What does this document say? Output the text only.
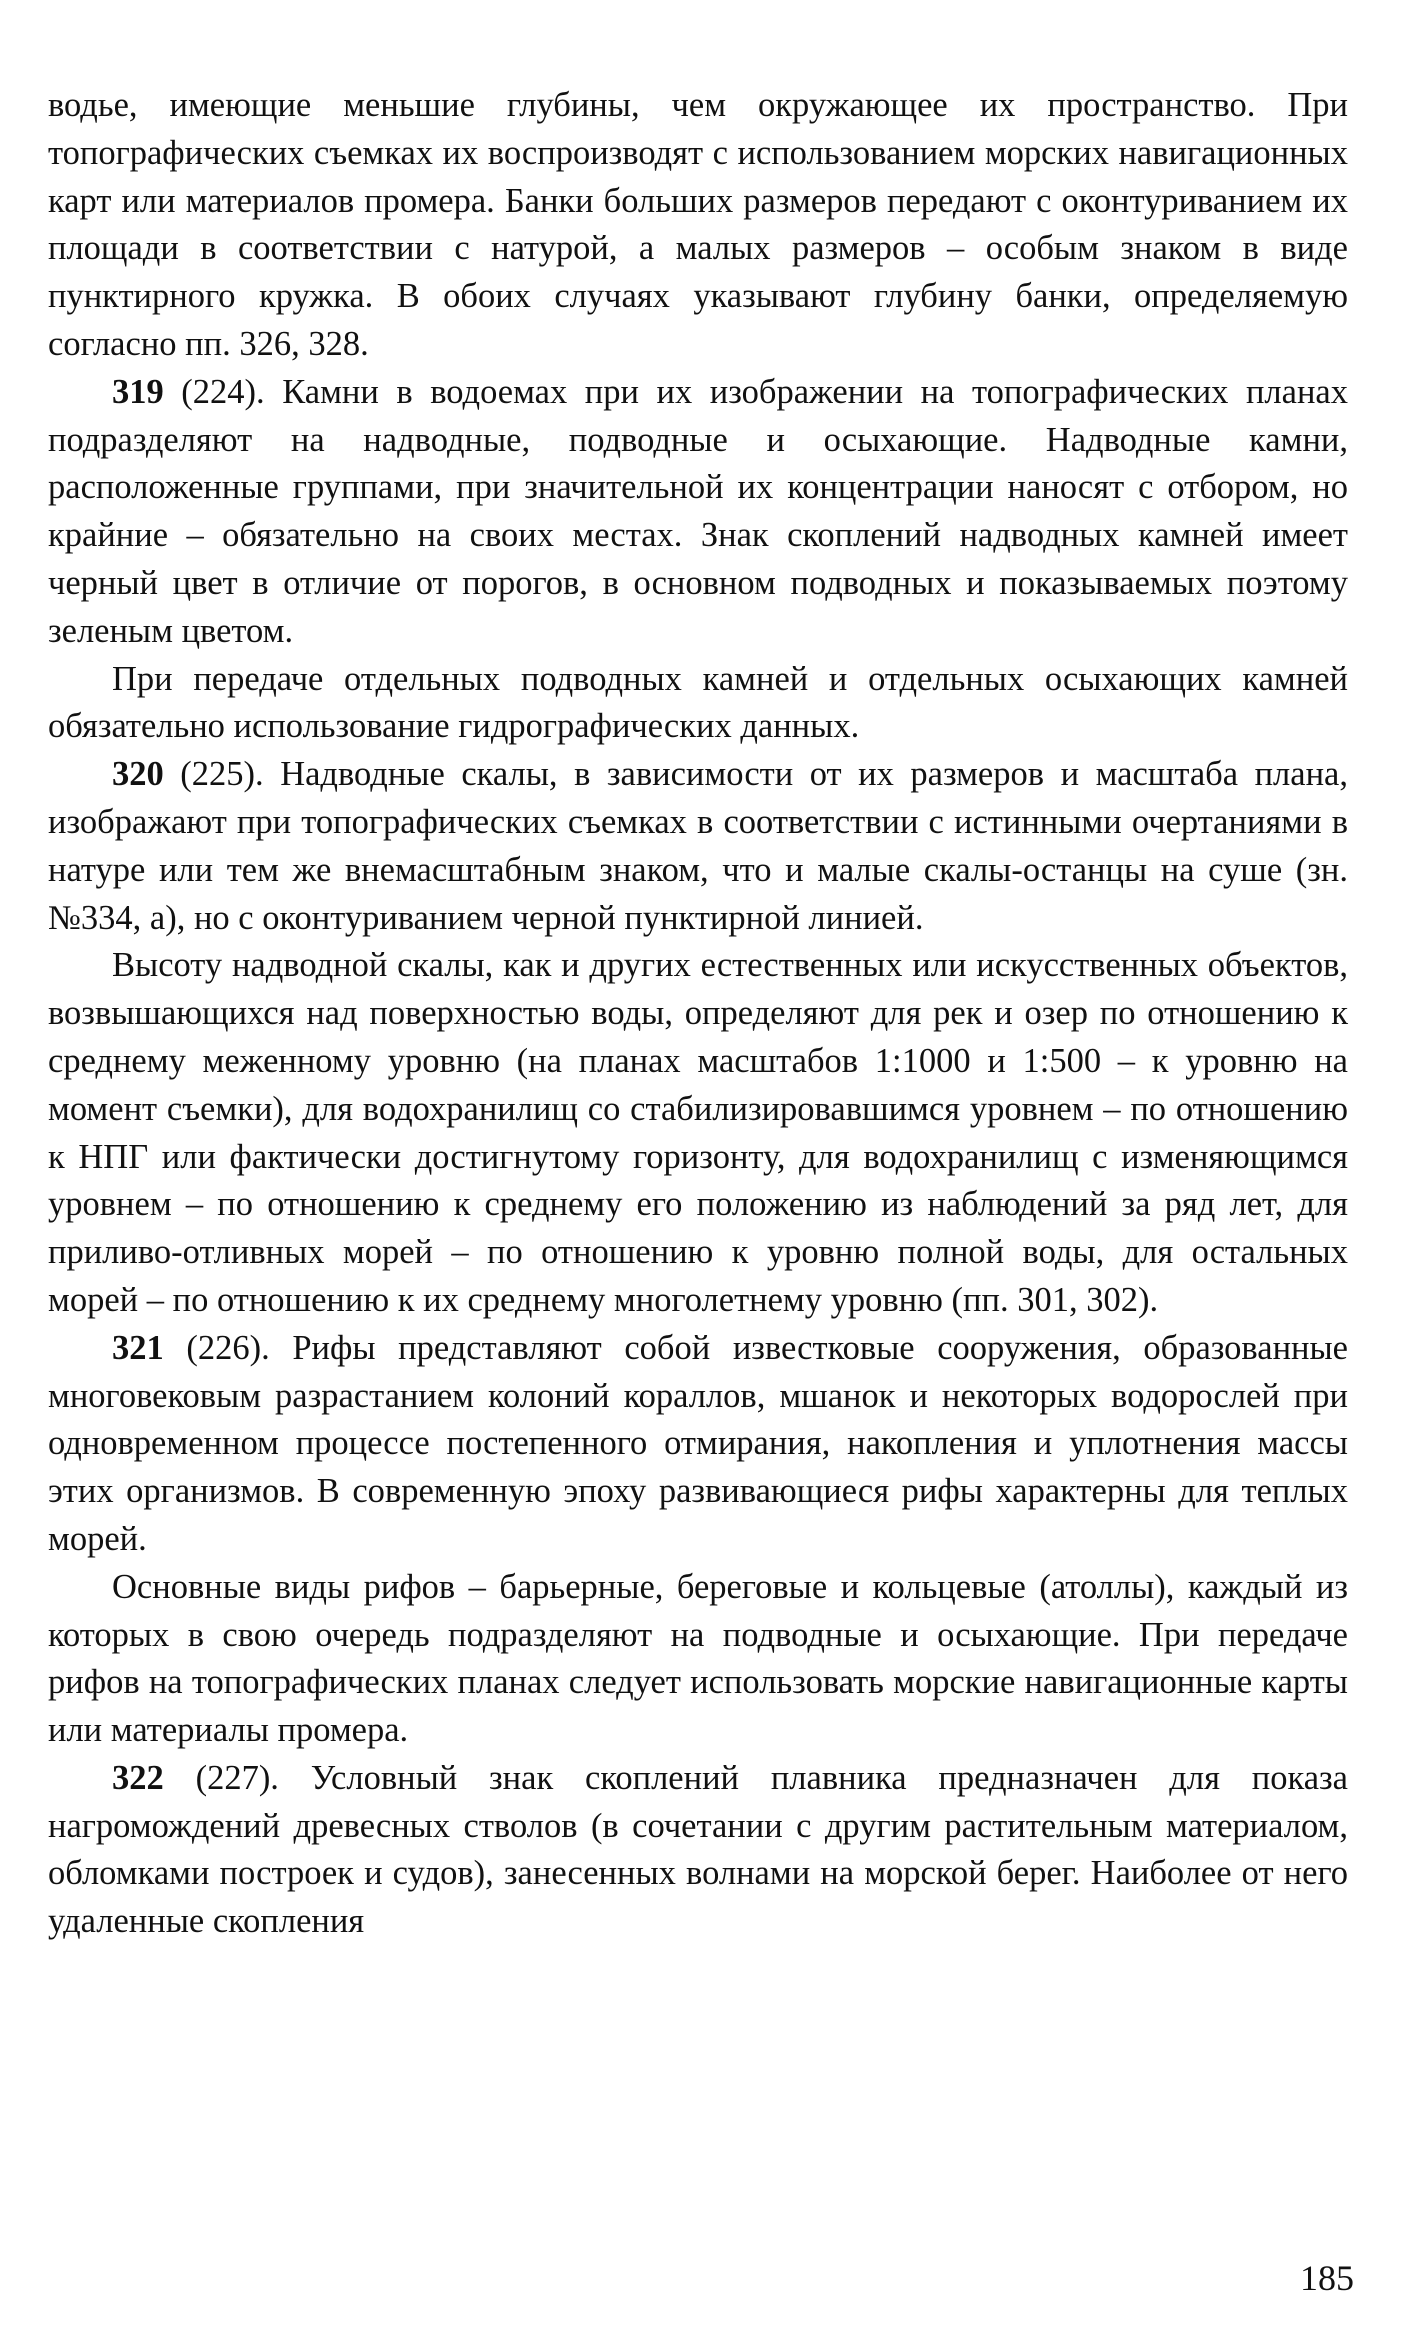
водье, имеющие меньшие глубины, чем окружающее их пространство. При топографических съемках их воспроизводят с использованием морских навигационных карт или материалов промера. Банки больших размеров передают с оконтуриванием их площади в соответствии с натурой, а малых размеров – особым знаком в виде пунктирного кружка. В обоих случаях указывают глубину банки, определяемую согласно пп. 326, 328.

319 (224). Камни в водоемах при их изображении на топографических планах подразделяют на надводные, подводные и осыхающие. Надводные камни, расположенные группами, при значительной их концентрации наносят с отбором, но крайние – обязательно на своих местах. Знак скоплений надводных камней имеет черный цвет в отличие от порогов, в основном подводных и показываемых поэтому зеленым цветом.

При передаче отдельных подводных камней и отдельных осыхающих камней обязательно использование гидрографических данных.

320 (225). Надводные скалы, в зависимости от их размеров и масштаба плана, изображают при топографических съемках в соответствии с истинными очертаниями в натуре или тем же внемасштабным знаком, что и малые скалы-останцы на суше (зн. №334, а), но с оконтуриванием черной пунктирной линией.

Высоту надводной скалы, как и других естественных или искусственных объектов, возвышающихся над поверхностью воды, определяют для рек и озер по отношению к среднему меженному уровню (на планах масштабов 1:1000 и 1:500 – к уровню на момент съемки), для водохранилищ со стабилизировавшимся уровнем – по отношению к НПГ или фактически достигнутому горизонту, для водохранилищ с изменяющимся уровнем – по отношению к среднему его положению из наблюдений за ряд лет, для приливо-отливных морей – по отношению к уровню полной воды, для остальных морей – по отношению к их среднему многолетнему уровню (пп. 301, 302).

321 (226). Рифы представляют собой известковые сооружения, образованные многовековым разрастанием колоний кораллов, мшанок и некоторых водорослей при одновременном процессе постепенного отмирания, накопления и уплотнения массы этих организмов. В современную эпоху развивающиеся рифы характерны для теплых морей.

Основные виды рифов – барьерные, береговые и кольцевые (атоллы), каждый из которых в свою очередь подразделяют на подводные и осыхающие. При передаче рифов на топографических планах следует использовать морские навигационные карты или материалы промера.

322 (227). Условный знак скоплений плавника предназначен для показа нагромождений древесных стволов (в сочетании с другим растительным материалом, обломками построек и судов), занесенных волнами на морской берег. Наиболее от него удаленные скопления

185
